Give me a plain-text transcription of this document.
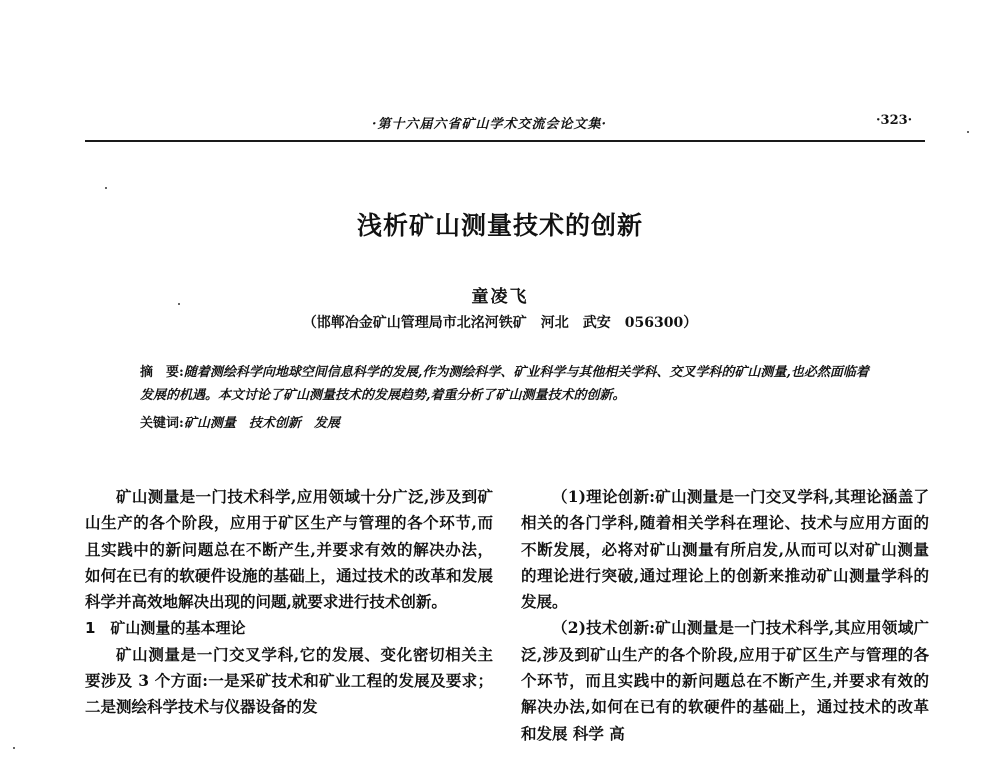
·第十六届六省矿山学术交流会论文集·	·323·
浅析矿山测量技术的创新
童凌飞
（邯郸冶金矿山管理局市北洺河铁矿　河北　武安　056300）
摘　要:随着测绘科学向地球空间信息科学的发展,作为测绘科学、矿业科学与其他相关学科、交叉学科的矿山测量,也必然面临着发展的机遇。本文讨论了矿山测量技术的发展趋势,着重分析了矿山测量技术的创新。
关键词:矿山测量　技术创新　发展

矿山测量是一门技术科学,应用领域十分广泛,涉及到矿山生产的各个阶段，应用于矿区生产与管理的各个环节,而且实践中的新问题总在不断产生,并要求有效的解决办法，如何在已有的软硬件设施的基础上，通过技术的改革和发展科学并高效地解决出现的问题,就要求进行技术创新。

1　矿山测量的基本理论

矿山测量是一门交叉学科,它的发展、变化密切相关主要涉及 3 个方面:一是采矿技术和矿业工程的发展及要求；二是测绘科学技术与仪器设备的发

（1)理论创新:矿山测量是一门交叉学科,其理论涵盖了相关的各门学科,随着相关学科在理论、技术与应用方面的不断发展，必将对矿山测量有所启发,从而可以对矿山测量的理论进行突破,通过理论上的创新来推动矿山测量学科的发展。

（2)技术创新:矿山测量是一门技术科学,其应用领域广泛,涉及到矿山生产的各个阶段,应用于矿区生产与管理的各个环节，而且实践中的新问题总在不断产生,并要求有效的解决办法,如何在已有的软硬件的基础上，通过技术的改革和发展 科学 高
